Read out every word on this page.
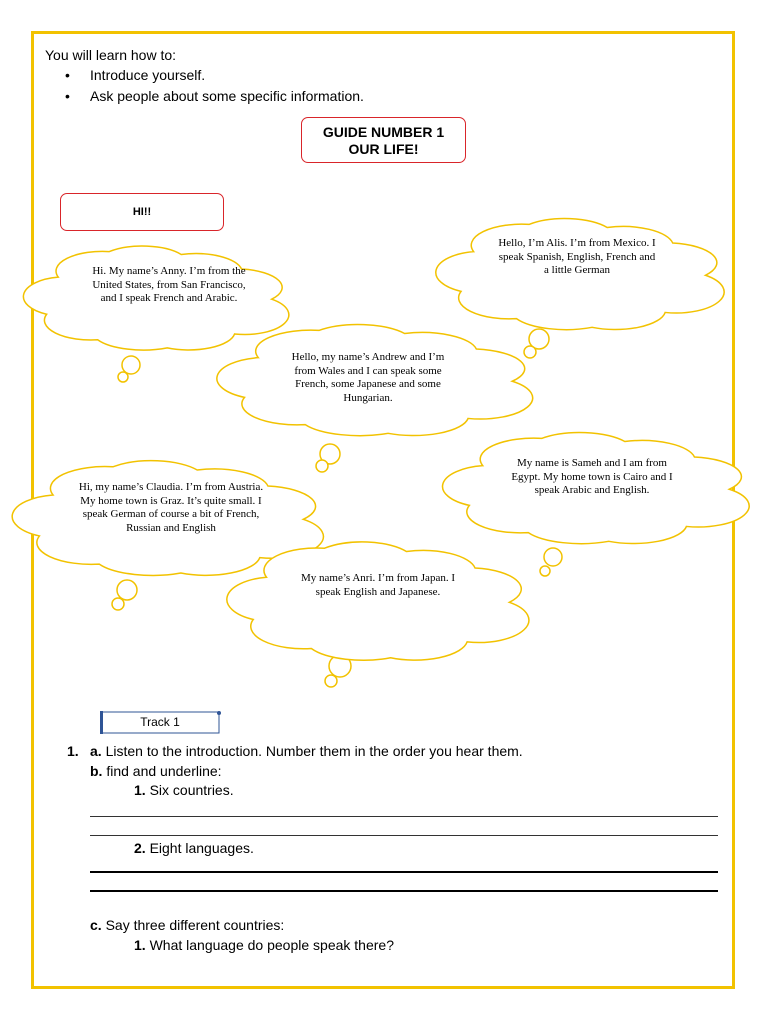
You will learn how to:
• Introduce yourself.
• Ask people about some specific information.
GUIDE NUMBER 1
OUR LIFE!
HI!!
Hi. My name’s Anny. I’m from the United States, from San Francisco, and I speak French and Arabic.
Hello, I’m Alis. I’m from Mexico. I speak Spanish, English, French and a little German
Hello, my name’s Andrew and I’m from Wales and I can speak some French, some Japanese and some Hungarian.
Hi, my name’s Claudia. I’m from Austria. My home town is Graz. It’s quite small. I speak German of course a bit of French, Russian and English
My name is Sameh and I am from Egypt. My home town is Cairo and I speak Arabic and English.
My name’s Anri. I’m from Japan. I speak English and Japanese.
Track 1
1. a. Listen to the introduction. Number them in the order you hear them.
b. find and underline:
1. Six countries.
2. Eight languages.
c. Say three different countries:
1. What language do people speak there?
